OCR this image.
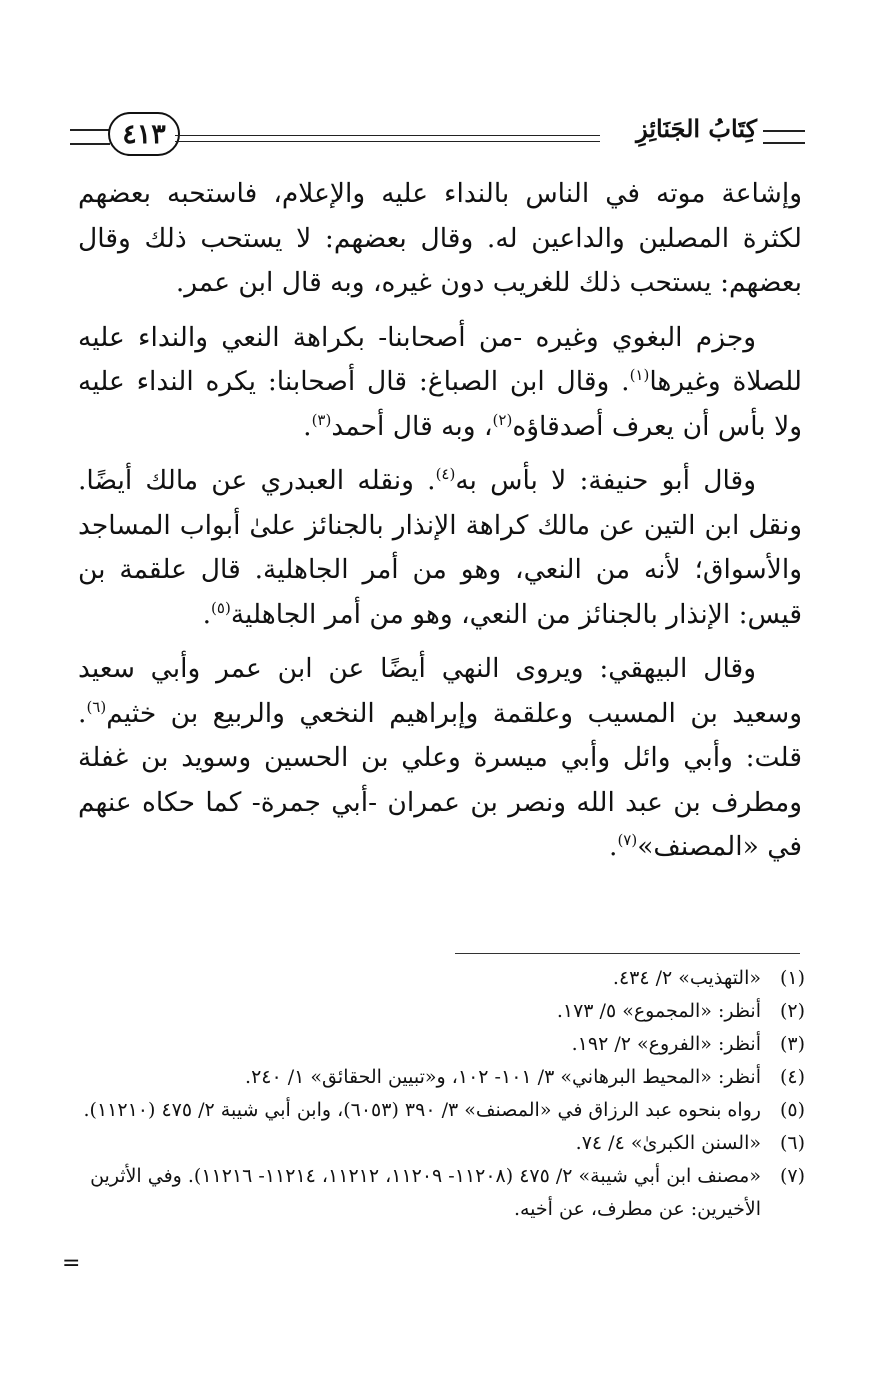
٤١٣	كِتَابُ الجَنَائِزِ

وإشاعة موته في الناس بالنداء عليه والإعلام، فاستحبه بعضهم لكثرة المصلين والداعين له. وقال بعضهم: لا يستحب ذلك وقال بعضهم: يستحب ذلك للغريب دون غيره، وبه قال ابن عمر.

وجزم البغوي وغيره -من أصحابنا- بكراهة النعي والنداء عليه للصلاة وغيرها$^{(١)}$. وقال ابن الصباغ: قال أصحابنا: يكره النداء عليه ولا بأس أن يعرف أصدقاؤه$^{(٢)}$، وبه قال أحمد$^{(٣)}$.

وقال أبو حنيفة: لا بأس به$^{(٤)}$. ونقله العبدري عن مالك أيضًا. ونقل ابن التين عن مالك كراهة الإنذار بالجنائز علىٰ أبواب المساجد والأسواق؛ لأنه من النعي، وهو من أمر الجاهلية. قال علقمة بن قيس: الإنذار بالجنائز من النعي، وهو من أمر الجاهلية$^{(٥)}$.

وقال البيهقي: ويروى النهي أيضًا عن ابن عمر وأبي سعيد وسعيد بن المسيب وعلقمة وإبراهيم النخعي والربيع بن خثيم$^{(٦)}$. قلت: وأبي وائل وأبي ميسرة وعلي بن الحسين وسويد بن غفلة ومطرف بن عبد الله ونصر بن عمران -أبي جمرة- كما حكاه عنهم في «المصنف»$^{(٧)}$.

(١)
«التهذيب» ٢/ ٤٣٤.
(٢)
أنظر: «المجموع» ٥/ ١٧٣.
(٣)
أنظر: «الفروع» ٢/ ١٩٢.
(٤)
أنظر: «المحيط البرهاني» ٣/ ١٠١- ١٠٢، و«تبيين الحقائق» ١/ ٢٤٠.
(٥)
رواه بنحوه عبد الرزاق في «المصنف» ٣/ ٣٩٠ (٦٠٥٣)، وابن أبي شيبة ٢/ ٤٧٥ (١١٢١٠).
(٦)
«السنن الكبرىٰ» ٤/ ٧٤.
(٧)
«مصنف ابن أبي شيبة» ٢/ ٤٧٥ (١١٢٠٨- ١١٢٠٩، ١١٢١٢، ١١٢١٤- ١١٢١٦). وفي الأثرين الأخيرين: عن مطرف، عن أخيه.
=
